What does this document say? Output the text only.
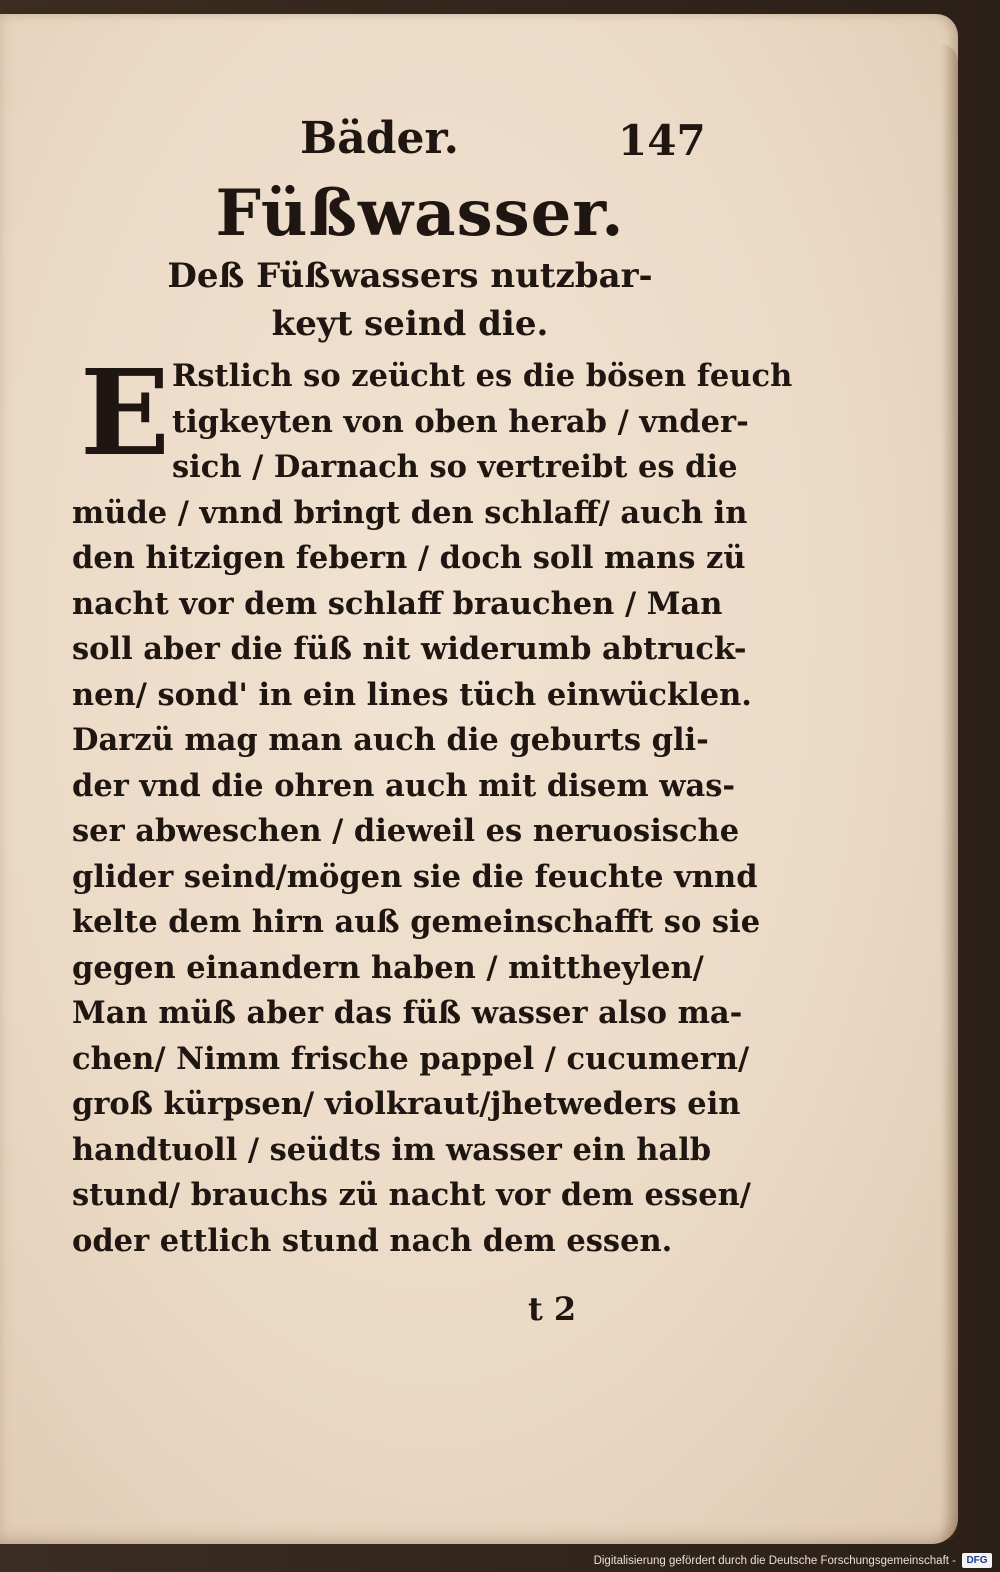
Bäder.	147
Füßwasser.
Deß Füßwassers nutzbar-
keyt seind die.
E Rstlich so zeücht es die bösen feuch
tigkeyten von oben herab / vnder-
sich / Darnach so vertreibt es die
müde / vnnd bringt den schlaff/ auch in
den hitzigen febern / doch soll mans zü
nacht vor dem schlaff brauchen / Man
soll aber die füß nit widerumb abtruck-
nen/ sond' in ein lines tüch einwücklen.
Darzü mag man auch die geburts gli-
der vnd die ohren auch mit disem was-
ser abweschen / dieweil es neruosische
glider seind/mögen sie die feuchte vnnd
kelte dem hirn auß gemeinschafft so sie
gegen einandern haben / mittheylen/
Man müß aber das füß wasser also ma-
chen/ Nimm frische pappel / cucumern/
groß kürpsen/ violkraut/jhetweders ein
handtuoll / seüdts im wasser ein halb
stund/ brauchs zü nacht vor dem essen/
oder ettlich stund nach dem essen.
t 2
Digitalisierung gefördert durch die Deutsche Forschungsgemeinschaft -	DFG
